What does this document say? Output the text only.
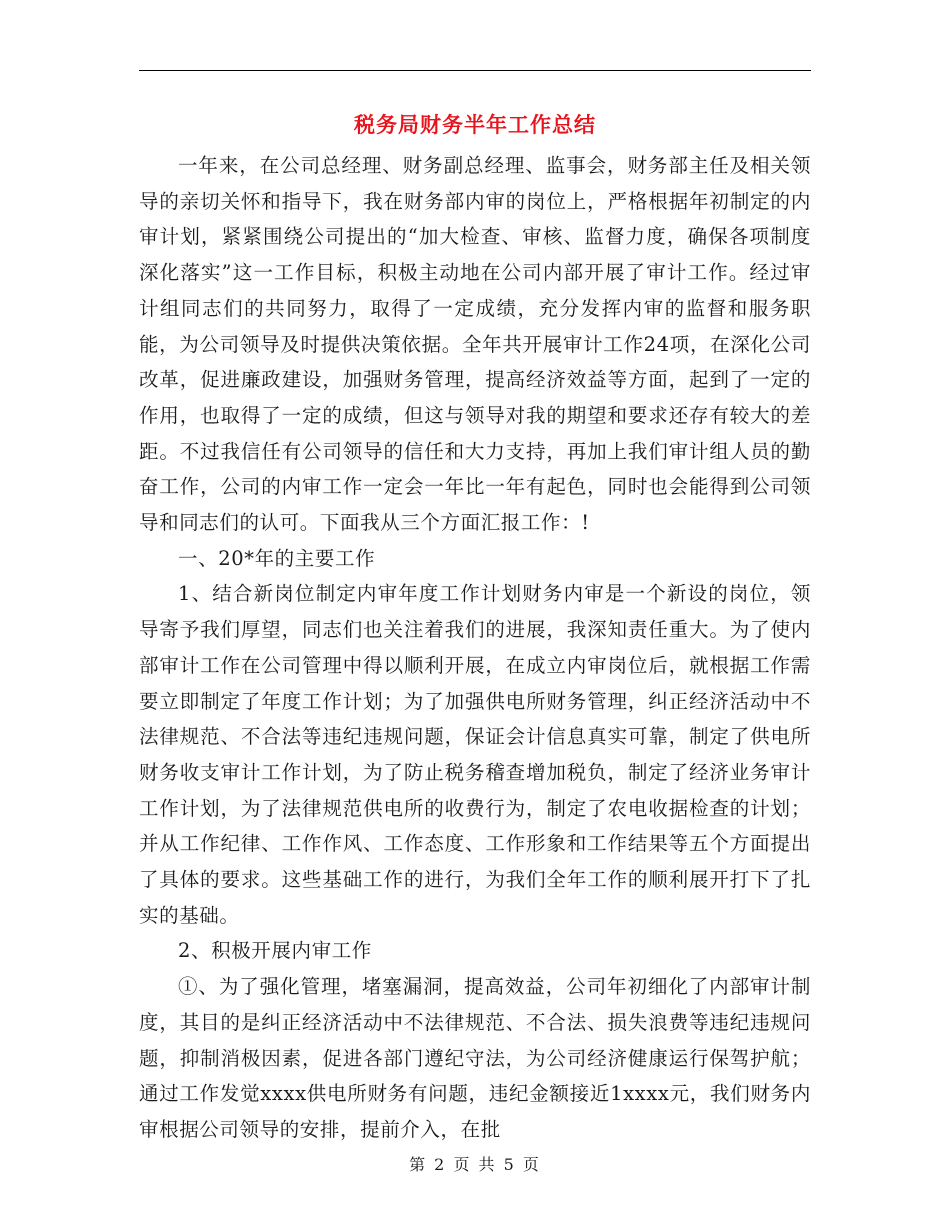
税务局财务半年工作总结

一年来，在公司总经理、财务副总经理、监事会，财务部主任及相关领导的亲切关怀和指导下，我在财务部内审的岗位上，严格根据年初制定的内审计划，紧紧围绕公司提出的“加大检查、审核、监督力度，确保各项制度深化落实”这一工作目标，积极主动地在公司内部开展了审计工作。经过审计组同志们的共同努力，取得了一定成绩，充分发挥内审的监督和服务职能，为公司领导及时提供决策依据。全年共开展审计工作24项，在深化公司改革，促进廉政建设，加强财务管理，提高经济效益等方面，起到了一定的作用，也取得了一定的成绩，但这与领导对我的期望和要求还存有较大的差距。不过我信任有公司领导的信任和大力支持，再加上我们审计组人员的勤奋工作，公司的内审工作一定会一年比一年有起色，同时也会能得到公司领导和同志们的认可。下面我从三个方面汇报工作：!

一、20*年的主要工作

1、结合新岗位制定内审年度工作计划财务内审是一个新设的岗位，领导寄予我们厚望，同志们也关注着我们的进展，我深知责任重大。为了使内部审计工作在公司管理中得以顺利开展，在成立内审岗位后，就根据工作需要立即制定了年度工作计划；为了加强供电所财务管理，纠正经济活动中不法律规范、不合法等违纪违规问题，保证会计信息真实可靠，制定了供电所财务收支审计工作计划，为了防止税务稽查增加税负，制定了经济业务审计工作计划，为了法律规范供电所的收费行为，制定了农电收据检查的计划；并从工作纪律、工作作风、工作态度、工作形象和工作结果等五个方面提出了具体的要求。这些基础工作的进行，为我们全年工作的顺利展开打下了扎实的基础。

2、积极开展内审工作

①、为了强化管理，堵塞漏洞，提高效益，公司年初细化了内部审计制度，其目的是纠正经济活动中不法律规范、不合法、损失浪费等违纪违规问题，抑制消极因素，促进各部门遵纪守法，为公司经济健康运行保驾护航；通过工作发觉xxxx供电所财务有问题，违纪金额接近1xxxx元，我们财务内审根据公司领导的安排，提前介入，在批

第 2 页 共 5 页
